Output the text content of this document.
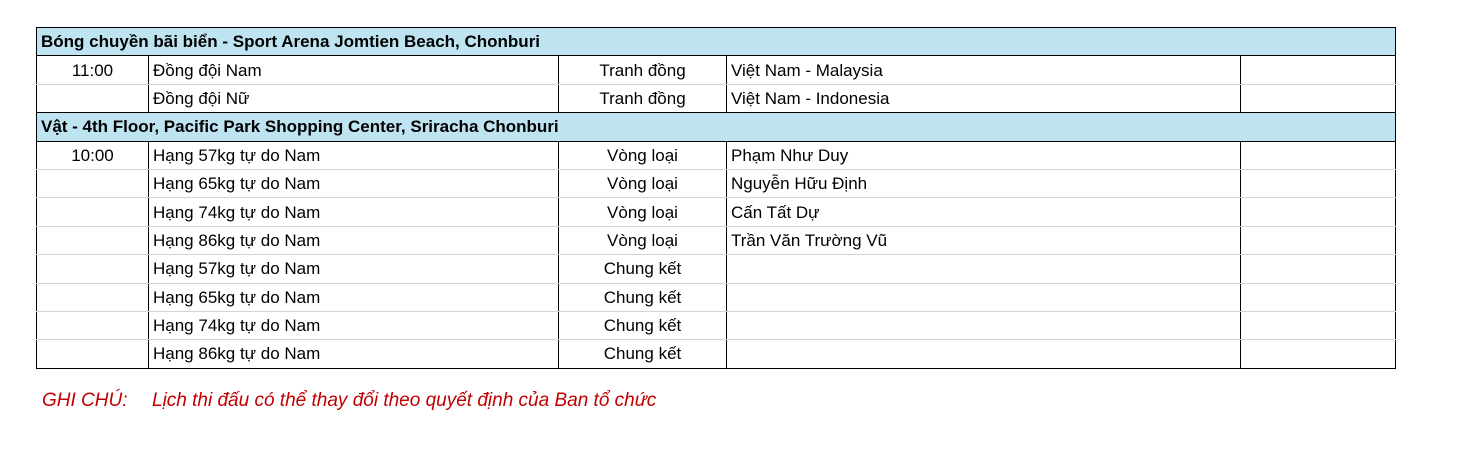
Bóng chuyền bãi biển - Sport Arena Jomtien Beach, Chonburi				
11:00	Đồng đội Nam	Tranh đồng	Việt Nam - Malaysia	
	Đồng đội Nữ	Tranh đồng	Việt Nam - Indonesia	
Vật - 4th Floor, Pacific Park Shopping Center, Sriracha Chonburi				
10:00	Hạng 57kg tự do Nam	Vòng loại	Phạm Như Duy	
	Hạng 65kg tự do Nam	Vòng loại	Nguyễn Hữu Định	
	Hạng 74kg tự do Nam	Vòng loại	Cấn Tất Dự	
	Hạng 86kg tự do Nam	Vòng loại	Trần Văn Trường Vũ	
	Hạng 57kg tự do Nam	Chung kết		
	Hạng 65kg tự do Nam	Chung kết		
	Hạng 74kg tự do Nam	Chung kết		
	Hạng 86kg tự do Nam	Chung kết		
GHI CHÚ: Lịch thi đấu có thể thay đổi theo quyết định của Ban tổ chức
